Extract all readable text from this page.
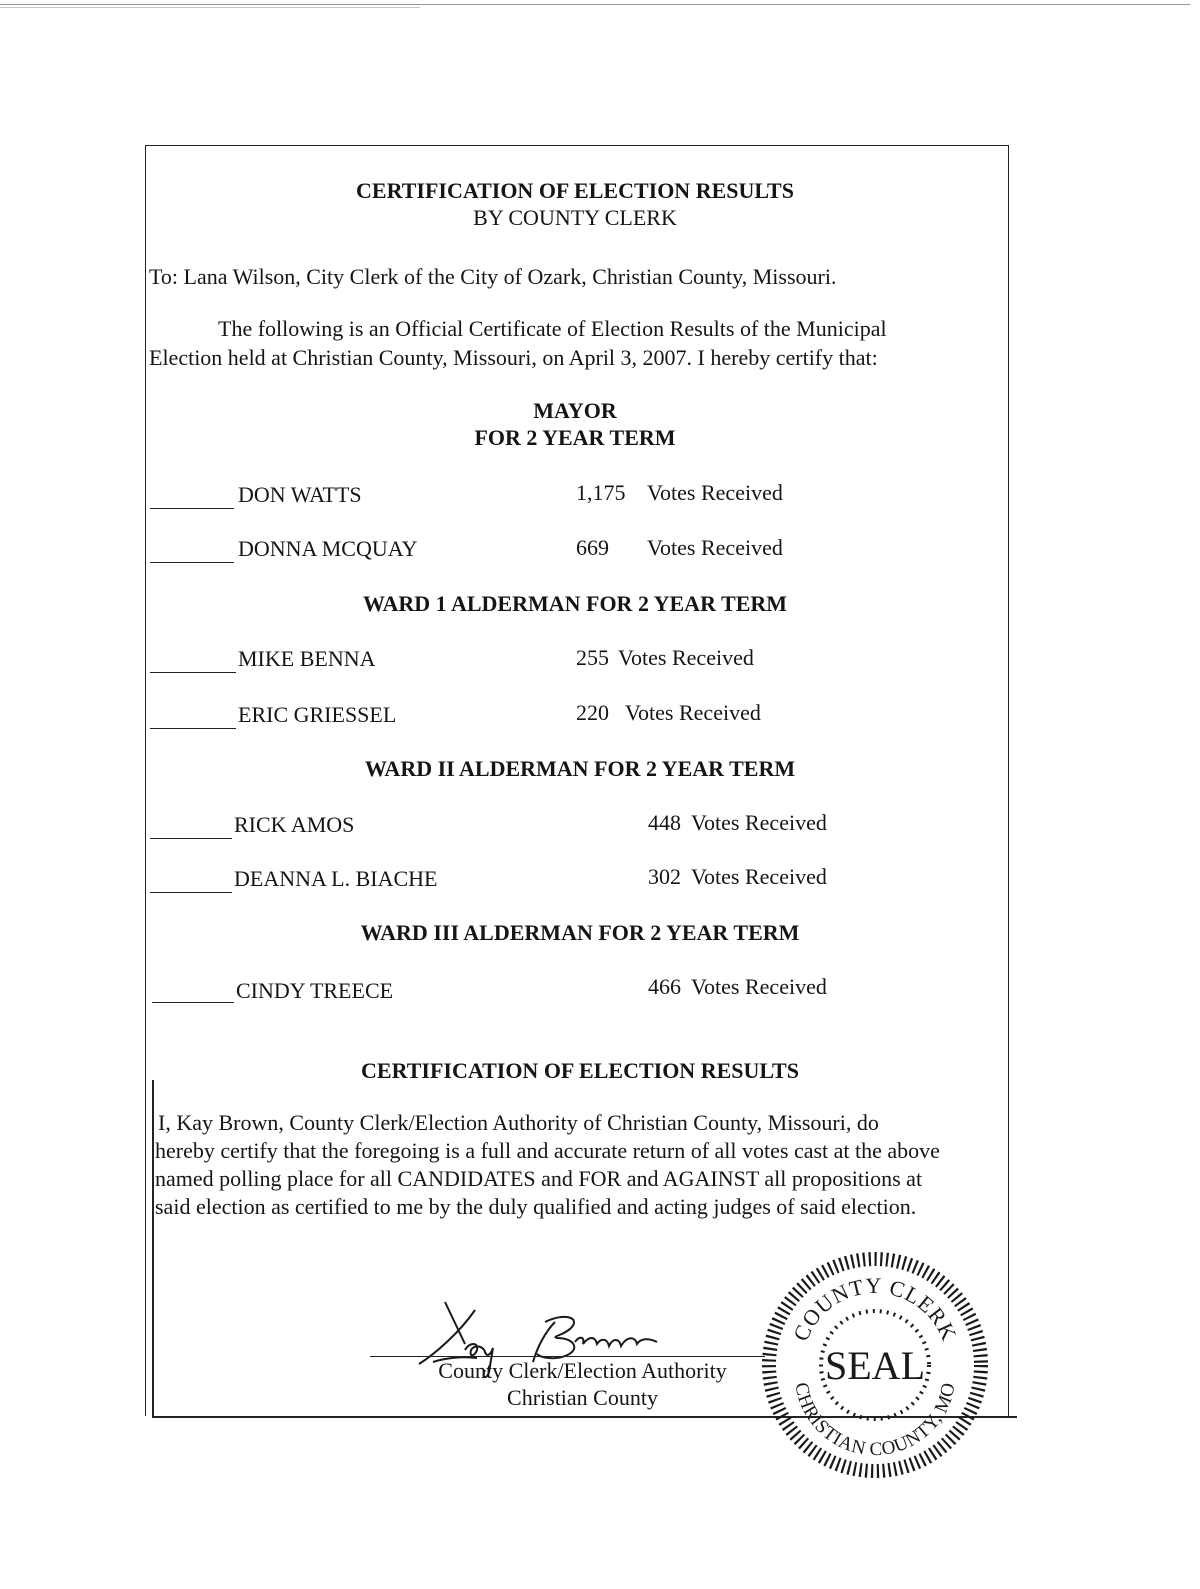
CERTIFICATION OF ELECTION RESULTS
BY COUNTY CLERK
To: Lana Wilson, City Clerk of the City of Ozark, Christian County, Missouri.
The following is an Official Certificate of Election Results of the Municipal
Election held at Christian County, Missouri, on April 3, 2007. I hereby certify that:
MAYOR
FOR 2 YEAR TERM
DON WATTS	1,175 Votes Received
DONNA MCQUAY	669 Votes Received
WARD 1 ALDERMAN FOR 2 YEAR TERM
MIKE BENNA	255 Votes Received
ERIC GRIESSEL	220 Votes Received
WARD II ALDERMAN FOR 2 YEAR TERM
RICK AMOS	448 Votes Received
DEANNA L. BIACHE	302 Votes Received
WARD III ALDERMAN FOR 2 YEAR TERM
CINDY TREECE	466 Votes Received
CERTIFICATION OF ELECTION RESULTS
I, Kay Brown, County Clerk/Election Authority of Christian County, Missouri, do
hereby certify that the foregoing is a full and accurate return of all votes cast at the above
named polling place for all CANDIDATES and FOR and AGAINST all propositions at
said election as certified to me by the duly qualified and acting judges of said election.
County Clerk/Election Authority
Christian County
COUNTY CLERK
CHRISTIAN COUNTY, MO
SEAL
